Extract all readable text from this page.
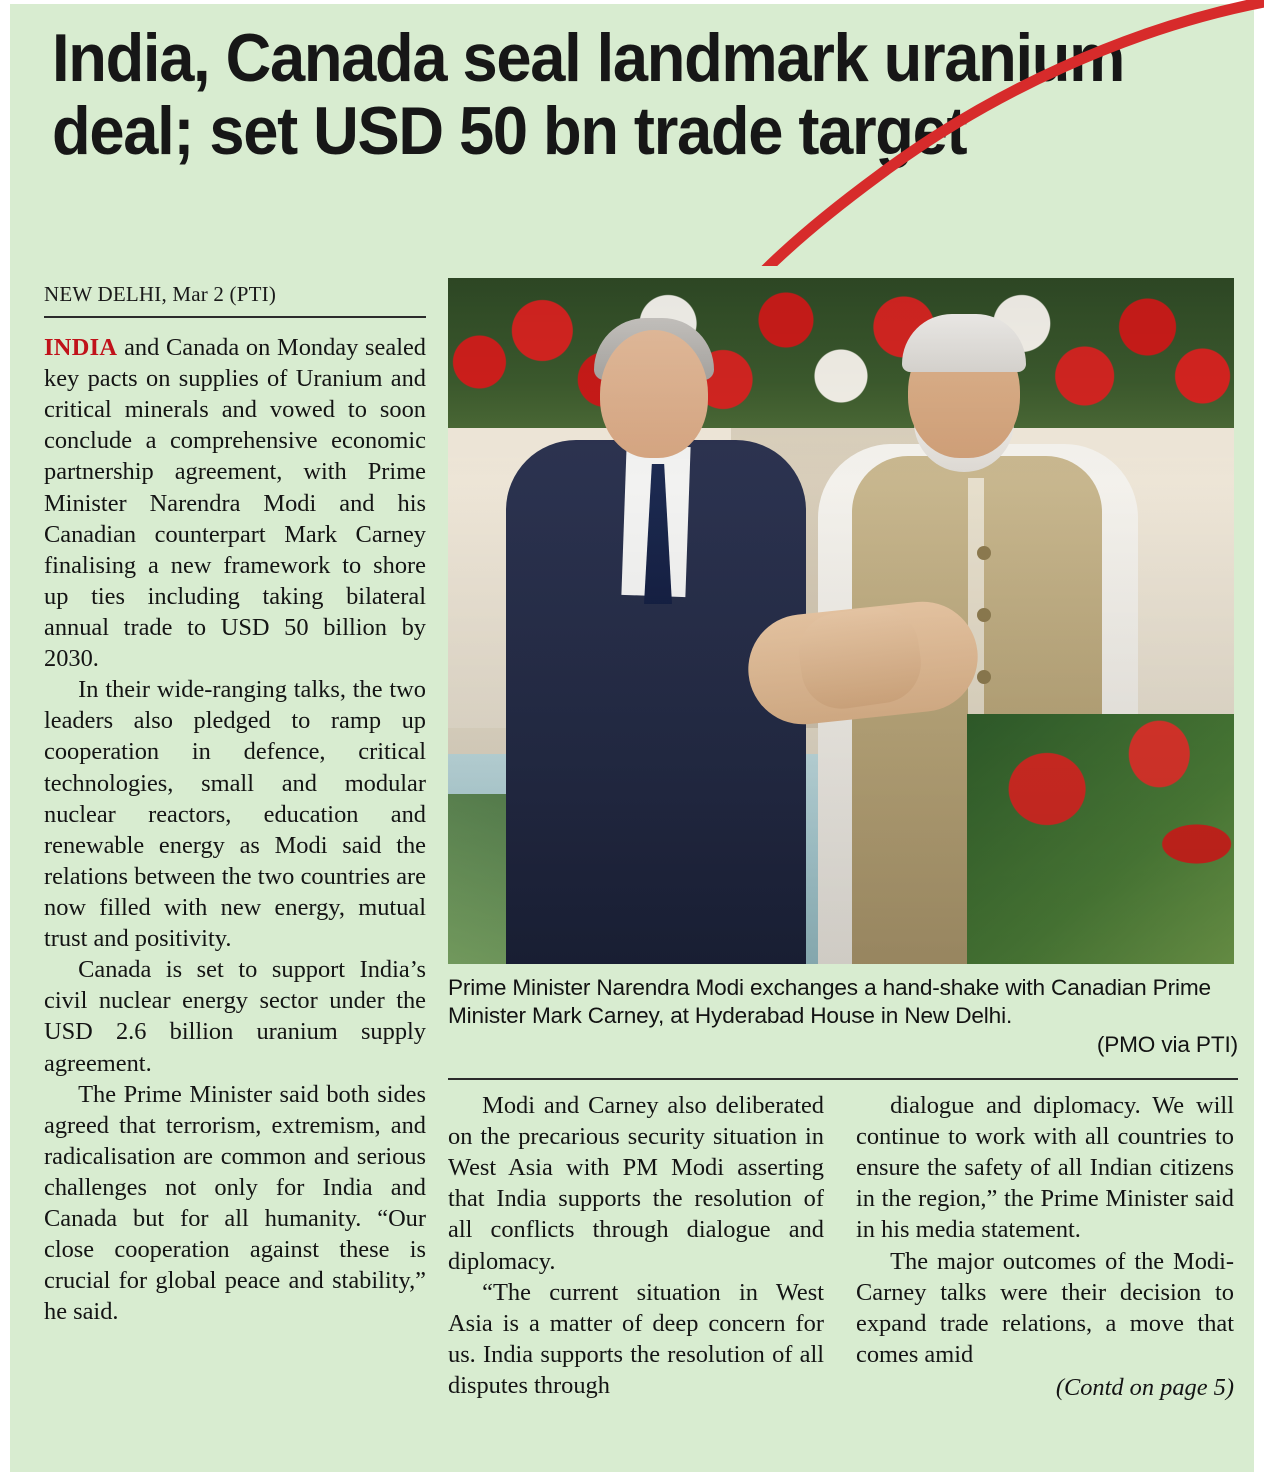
India, Canada seal landmark uranium deal; set USD 50 bn trade target
NEW DELHI, Mar 2 (PTI)

INDIA and Canada on Monday sealed key pacts on supplies of Uranium and critical minerals and vowed to soon conclude a comprehensive economic partnership agreement, with Prime Minister Narendra Modi and his Canadian counterpart Mark Carney finalising a new framework to shore up ties including taking bilateral annual trade to USD 50 billion by 2030.

In their wide-ranging talks, the two leaders also pledged to ramp up cooperation in defence, critical technologies, small and modular nuclear reactors, education and renewable energy as Modi said the relations between the two countries are now filled with new energy, mutual trust and positivity.

Canada is set to support India’s civil nuclear energy sector under the USD 2.6 billion uranium supply agreement.

The Prime Minister said both sides agreed that terrorism, extremism, and radicalisation are common and serious challenges not only for India and Canada but for all humanity. “Our close cooperation against these is crucial for global peace and stability,” he said.

Prime Minister Narendra Modi exchanges a hand-shake with Canadian Prime Minister Mark Carney, at Hyderabad House in New Delhi.
(PMO via PTI)

Modi and Carney also deliberated on the precarious security situation in West Asia with PM Modi asserting that India supports the resolution of all conflicts through dialogue and diplomacy.

“The current situation in West Asia is a matter of deep concern for us. India supports the resolution of all disputes through

dialogue and diplomacy. We will continue to work with all countries to ensure the safety of all Indian citizens in the region,” the Prime Minister said in his media statement.

The major outcomes of the Modi-Carney talks were their decision to expand trade relations, a move that comes amid

(Contd on page 5)
